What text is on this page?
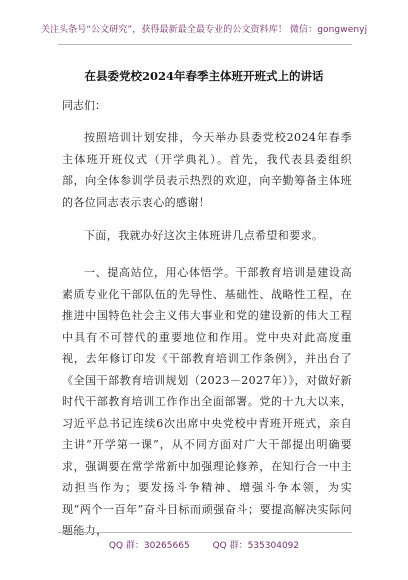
关注头条号“公文研究”，获得最新最全最专业的公文资料库！ 微信：gongwenyj
在县委党校2024年春季主体班开班式上的讲话
同志们：

按照培训计划安排，今天举办县委党校2024年春季主体班开班仪式（开学典礼）。首先，我代表县委组织部，向全体参训学员表示热烈的欢迎，向辛勤筹备主体班的各位同志表示衷心的感谢！

下面，我就办好这次主体班讲几点希望和要求。

一、提高站位，用心体悟学。干部教育培训是建设高素质专业化干部队伍的先导性、基础性、战略性工程，在推进中国特色社会主义伟大事业和党的建设新的伟大工程中具有不可替代的重要地位和作用。党中央对此高度重视，去年修订印发《干部教育培训工作条例》，并出台了《全国干部教育培训规划（2023－2027年）》，对做好新时代干部教育培训工作作出全面部署。党的十九大以来，习近平总书记连续6次出席中央党校中青班开班式，亲自主讲“开学第一课”，从不同方面对广大干部提出明确要求，强调要在常学常新中加强理论修养，在知行合一中主动担当作为；要发扬斗争精神、增强斗争本领，为实现“两个一百年”奋斗目标而顽强奋斗；要提高解决实际问题能力，

QQ 群：30265665	QQ 群：535304092
